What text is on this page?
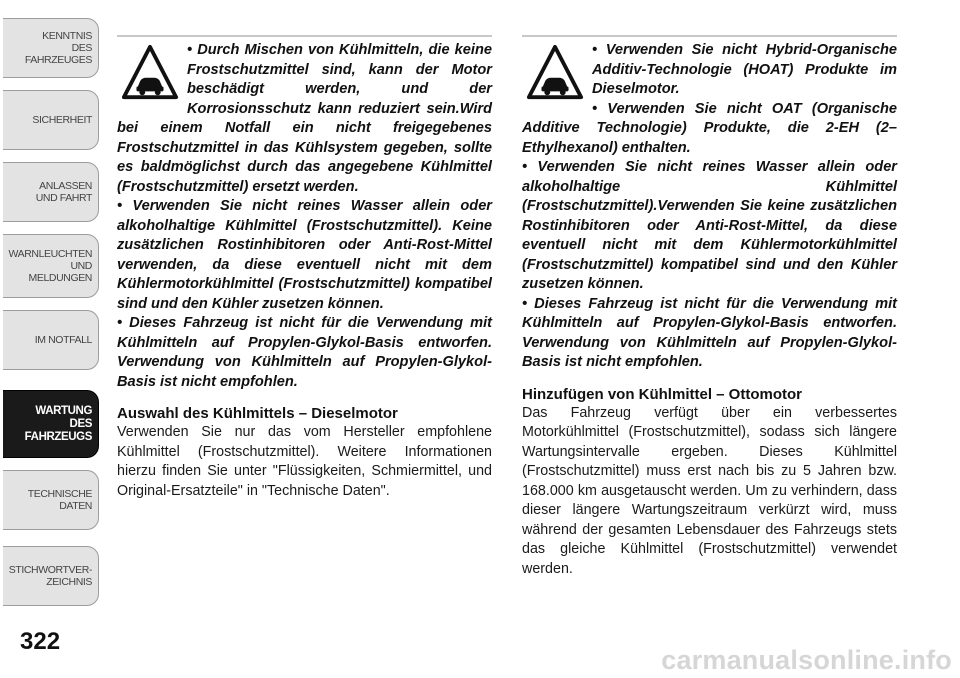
KENNTNIS
DES
FAHRZEUGES
SICHERHEIT
ANLASSEN
UND FAHRT
WARNLEUCHTEN
UND
MELDUNGEN
IM NOTFALL
WARTUNG
DES
FAHRZEUGS
TECHNISCHE
DATEN
STICHWORTVER-
ZEICHNIS
322

• Durch Mischen von Kühlmitteln, die keine Frostschutzmittel sind, kann der Motor beschädigt werden, und der Korrosionsschutz kann reduziert sein.Wird bei einem Notfall ein nicht freigegebenes Frostschutzmittel in das Kühlsystem gegeben, sollte es baldmöglichst durch das angegebene Kühlmittel (Frostschutzmittel) ersetzt werden.

• Verwenden Sie nicht reines Wasser allein oder alkoholhaltige Kühlmittel (Frostschutzmittel). Keine zusätzlichen Rostinhibitoren oder Anti-Rost-Mittel verwenden, da diese eventuell nicht mit dem Kühlermotorkühlmittel (Frostschutzmittel) kompatibel sind und den Kühler zusetzen können.

• Dieses Fahrzeug ist nicht für die Verwendung mit Kühlmitteln auf Propylen-Glykol-Basis entworfen. Verwendung von Kühlmitteln auf Propylen-Glykol-Basis ist nicht empfohlen.

Auswahl des Kühlmittels – Dieselmotor

Verwenden Sie nur das vom Hersteller empfohlene Kühlmittel (Frostschutzmittel). Weitere Informationen hierzu finden Sie unter "Flüssigkeiten, Schmiermittel, und Original-Ersatzteile" in "Technische Daten".

• Verwenden Sie nicht Hybrid-Organische Additiv-Technologie (HOAT) Produkte im Dieselmotor.

• Verwenden Sie nicht OAT (Organische Additive Technologie) Produkte, die 2-EH (2–Ethylhexanol) enthalten.

• Verwenden Sie nicht reines Wasser allein oder alkoholhaltige Kühlmittel (Frostschutzmittel).Verwenden Sie keine zusätzlichen Rostinhibitoren oder Anti-Rost-Mittel, da diese eventuell nicht mit dem Kühlermotorkühlmittel (Frostschutzmittel) kompatibel sind und den Kühler zusetzen können.

• Dieses Fahrzeug ist nicht für die Verwendung mit Kühlmitteln auf Propylen-Glykol-Basis entworfen. Verwendung von Kühlmitteln auf Propylen-Glykol-Basis ist nicht empfohlen.

Hinzufügen von Kühlmittel – Ottomotor

Das Fahrzeug verfügt über ein verbessertes Motorkühlmittel (Frostschutzmittel), sodass sich längere Wartungsintervalle ergeben. Dieses Kühlmittel (Frostschutzmittel) muss erst nach bis zu 5 Jahren bzw. 168.000 km ausgetauscht werden. Um zu verhindern, dass dieser längere Wartungszeitraum verkürzt wird, muss während der gesamten Lebensdauer des Fahrzeugs stets das gleiche Kühlmittel (Frostschutzmittel) verwendet werden.

carmanualsonline.info
